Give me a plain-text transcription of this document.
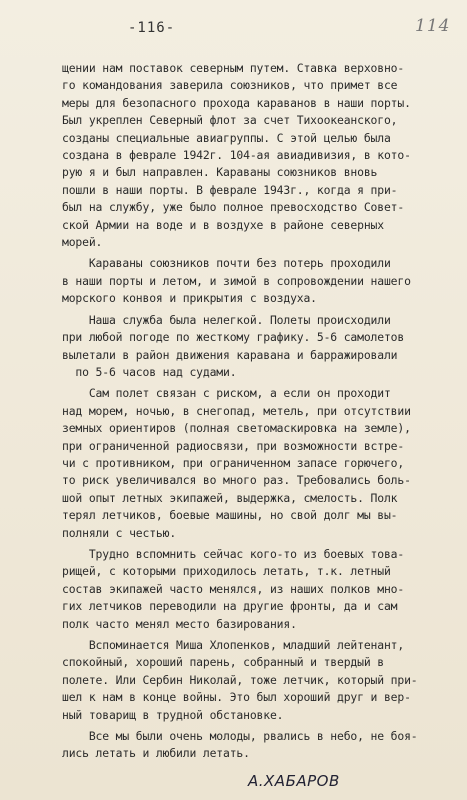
-116-	114
щении нам поставок северным путем. Ставка верховно-
го командования заверила союзников, что примет все
меры для безопасного прохода караванов в наши порты.
Был укреплен Северный флот за счет Тихоокеанского,
созданы специальные авиагруппы. С этой целью была
создана в феврале 1942г. 104-ая авиадивизия, в кото-
рую я и был направлен. Караваны союзников вновь
пошли в наши порты. В феврале 1943г., когда я при-
был на службу, уже было полное превосходство Совет-
ской Армии на воде и в воздухе в районе северных
морей.
Караваны союзников почти без потерь проходили
в наши порты и летом, и зимой в сопровождении нашего
морского конвоя и прикрытия с воздуха.
Наша служба была нелегкой. Полеты происходили
при любой погоде по жесткому графику. 5-6 самолетов
вылетали в район движения каравана и барражировали
по 5-6 часов над судами.
Сам полет связан с риском, а если он проходит
над морем, ночью, в снегопад, метель, при отсутствии
земных ориентиров (полная светомаскировка на земле),
при ограниченной радиосвязи, при возможности встре-
чи с противником, при ограниченном запасе горючего,
то риск увеличивался во много раз. Требовались боль-
шой опыт летных экипажей, выдержка, смелость. Полк
терял летчиков, боевые машины, но свой долг мы вы-
полняли с честью.
Трудно вспомнить сейчас кого-то из боевых това-
рищей, с которыми приходилось летать, т.к. летный
состав экипажей часто менялся, из наших полков мно-
гих летчиков переводили на другие фронты, да и сам
полк часто менял место базирования.
Вспоминается Миша Хлопенков, младший лейтенант,
спокойный, хороший парень, собранный и твердый в
полете. Или Сербин Николай, тоже летчик, который при-
шел к нам в конце войны. Это был хороший друг и вер-
ный товарищ в трудной обстановке.
Все мы были очень молоды, рвались в небо, не боя-
лись летать и любили летать.
А.ХАБАРОВ
